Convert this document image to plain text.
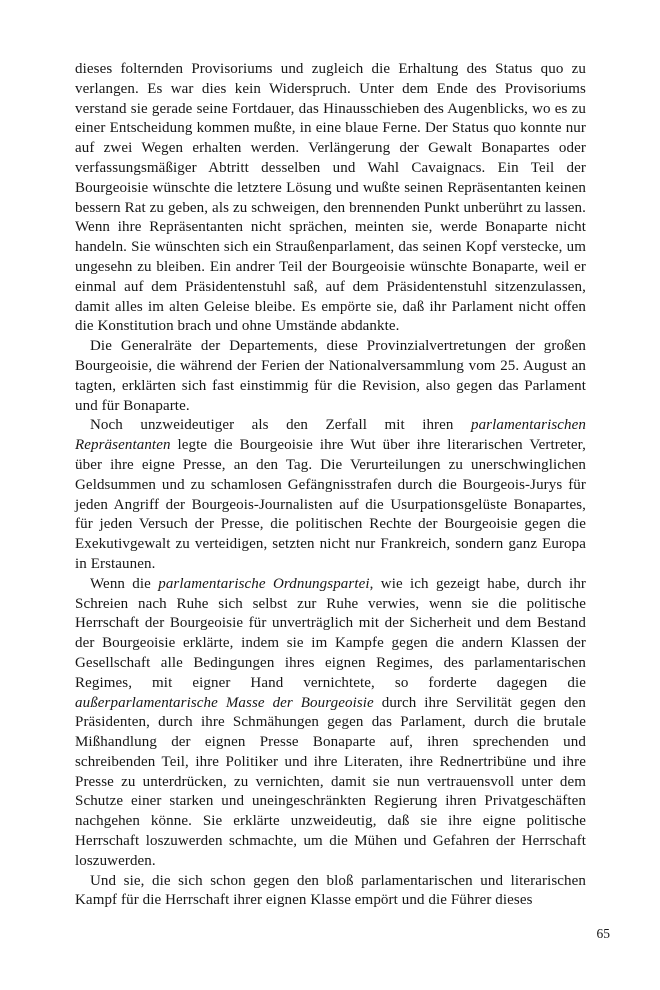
dieses folternden Provisoriums und zugleich die Erhaltung des Status quo zu verlangen. Es war dies kein Widerspruch. Unter dem Ende des Provisoriums verstand sie gerade seine Fortdauer, das Hinausschieben des Augenblicks, wo es zu einer Entscheidung kommen mußte, in eine blaue Ferne. Der Status quo konnte nur auf zwei Wegen erhalten werden. Verlängerung der Gewalt Bonapartes oder verfassungsmäßiger Abtritt desselben und Wahl Cavaignacs. Ein Teil der Bourgeoisie wünschte die letztere Lösung und wußte seinen Repräsentanten keinen bessern Rat zu geben, als zu schweigen, den brennenden Punkt unberührt zu lassen. Wenn ihre Repräsentanten nicht sprächen, meinten sie, werde Bonaparte nicht handeln. Sie wünschten sich ein Straußenparlament, das seinen Kopf verstecke, um ungesehn zu bleiben. Ein andrer Teil der Bourgeoisie wünschte Bonaparte, weil er einmal auf dem Präsidentenstuhl saß, auf dem Präsidentenstuhl sitzenzulassen, damit alles im alten Geleise bleibe. Es empörte sie, daß ihr Parlament nicht offen die Konstitution brach und ohne Umstände abdankte.

Die Generalräte der Departements, diese Provinzialvertretungen der großen Bourgeoisie, die während der Ferien der Nationalversammlung vom 25. August an tagten, erklärten sich fast einstimmig für die Revision, also gegen das Parlament und für Bonaparte.

Noch unzweideutiger als den Zerfall mit ihren parlamentarischen Repräsentanten legte die Bourgeoisie ihre Wut über ihre literarischen Vertreter, über ihre eigne Presse, an den Tag. Die Verurteilungen zu unerschwinglichen Geldsummen und zu schamlosen Gefängnisstrafen durch die Bourgeois-Jurys für jeden Angriff der Bourgeois-Journalisten auf die Usurpationsgelüste Bonapartes, für jeden Versuch der Presse, die politischen Rechte der Bourgeoisie gegen die Exekutivgewalt zu verteidigen, setzten nicht nur Frankreich, sondern ganz Europa in Erstaunen.

Wenn die parlamentarische Ordnungspartei, wie ich gezeigt habe, durch ihr Schreien nach Ruhe sich selbst zur Ruhe verwies, wenn sie die politische Herrschaft der Bourgeoisie für unverträglich mit der Sicherheit und dem Bestand der Bourgeoisie erklärte, indem sie im Kampfe gegen die andern Klassen der Gesellschaft alle Bedingungen ihres eignen Regimes, des parlamentarischen Regimes, mit eigner Hand vernichtete, so forderte dagegen die außerparlamentarische Masse der Bourgeoisie durch ihre Servilität gegen den Präsidenten, durch ihre Schmähungen gegen das Parlament, durch die brutale Mißhandlung der eignen Presse Bonaparte auf, ihren sprechenden und schreibenden Teil, ihre Politiker und ihre Literaten, ihre Rednertribüne und ihre Presse zu unterdrücken, zu vernichten, damit sie nun vertrauensvoll unter dem Schutze einer starken und uneingeschränkten Regierung ihren Privatgeschäften nachgehen könne. Sie erklärte unzweideutig, daß sie ihre eigne politische Herrschaft loszuwerden schmachte, um die Mühen und Gefahren der Herrschaft loszuwerden.

Und sie, die sich schon gegen den bloß parlamentarischen und literarischen Kampf für die Herrschaft ihrer eignen Klasse empört und die Führer dieses

65
